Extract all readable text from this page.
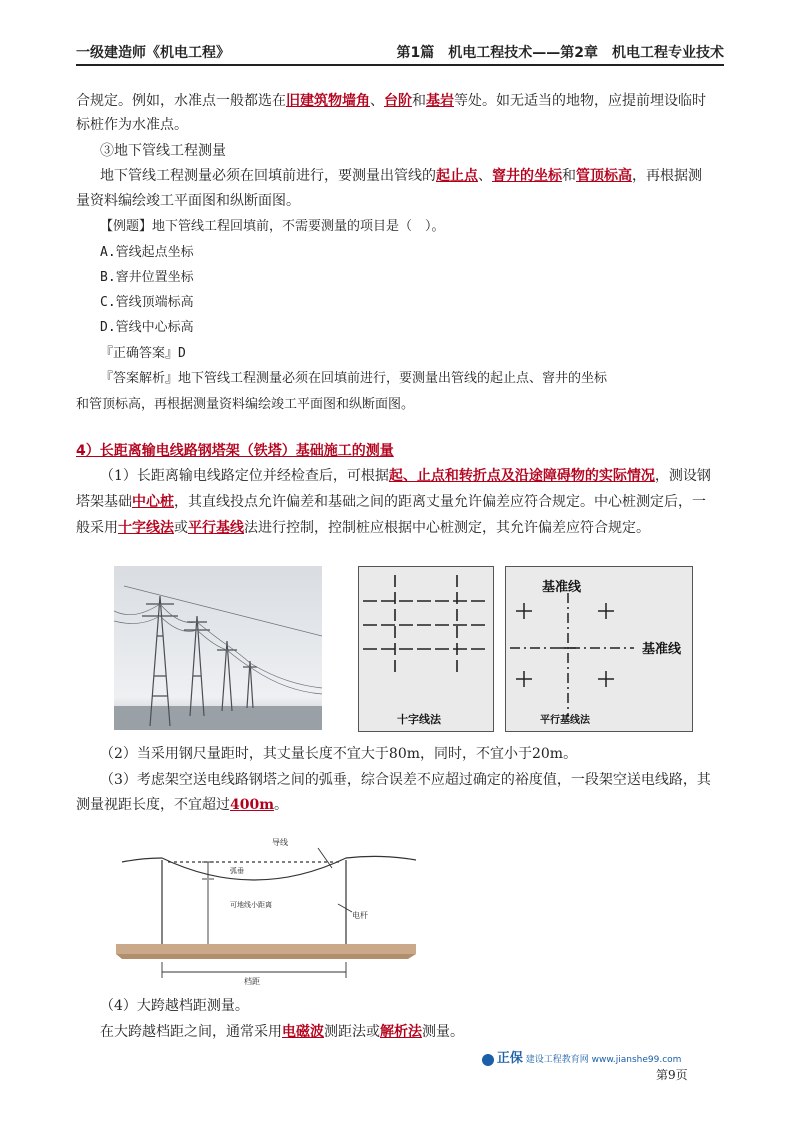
一级建造师《机电工程》	第1篇　机电工程技术——第2章　机电工程专业技术
合规定。例如，水准点一般都选在旧建筑物墙角、台阶和基岩等处。如无适当的地物，应提前埋设临时
标桩作为水准点。
③地下管线工程测量
地下管线工程测量必须在回填前进行，要测量出管线的起止点、窨井的坐标和管顶标高，再根据测
量资料编绘竣工平面图和纵断面图。
【例题】地下管线工程回填前，不需要测量的项目是（　）。
A.管线起点坐标
B.窨井位置坐标
C.管线顶端标高
D.管线中心标高
『正确答案』D
『答案解析』地下管线工程测量必须在回填前进行，要测量出管线的起止点、窨井的坐标
和管顶标高，再根据测量资料编绘竣工平面图和纵断面图。
4）长距离输电线路钢塔架（铁塔）基础施工的测量
（1）长距离输电线路定位并经检查后，可根据起、止点和转折点及沿途障碍物的实际情况，测设钢
塔架基础中心桩，其直线投点允许偏差和基础之间的距离丈量允许偏差应符合规定。中心桩测定后，一
般采用十字线法或平行基线法进行控制，控制桩应根据中心桩测定，其允许偏差应符合规定。
十字线法
基准线
基准线
平行基线法
（2）当采用钢尺量距时，其丈量长度不宜大于80m，同时，不宜小于20m。
（3）考虑架空送电线路钢塔之间的弧垂，综合误差不应超过确定的裕度值，一段架空送电线路，其
测量视距长度，不宜超过400m。
导线
弧垂
可地线小距离
电杆
档距
（4）大跨越档距测量。
在大跨越档距之间，通常采用电磁波测距法或解析法测量。
正保 建设工程教育网 www.jianshe99.com
第9页
